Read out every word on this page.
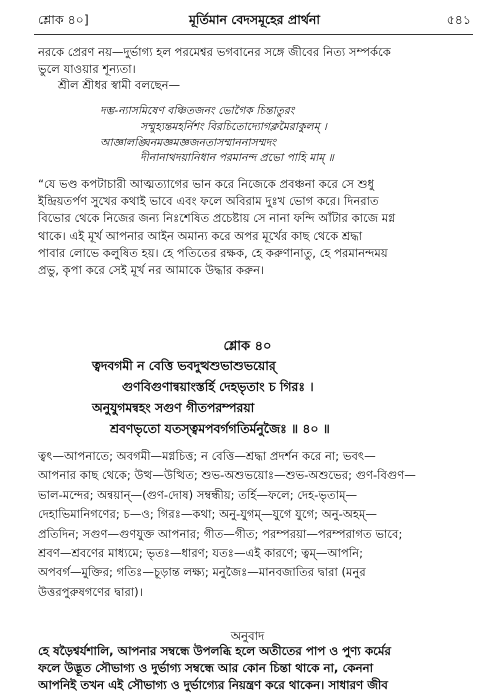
শ্লোক ৪০]	মূর্তিমান বেদসমূহের প্রার্থনা	৫৪১
নরকে প্রেরণ নয়—দুর্ভাগ্য হল পরমেশ্বর ভগবানের সঙ্গে জীবের নিত্য সম্পর্ককে
ভুলে যাওয়ার শূন্যতা।
শ্রীল শ্রীধর স্বামী বলছেন—
দম্ভ-ন্যাসমিষেণ বঞ্চিতজনং ভোগৈক চিন্তাতুরং
সম্মুহ্যন্তমহর্নিশং বিরচিতোদ্যোগক্লমৈরাকুলম্ ।
আজ্ঞালঙ্ঘিনমজ্ঞমজ্ঞজনতাসম্মাননাসম্মদং
দীনানাথদয়ানিধান পরমানন্দ প্রভো পাহি মাম্ ॥
“যে ভণ্ড কপটাচারী আত্মত্যাগের ভান করে নিজেকে প্রবঞ্চনা করে সে শুধু
ইন্দ্রিয়তর্পণ সুখের কথাই ভাবে এবং ফলে অবিরাম দুঃখ ভোগ করে। দিনরাত
বিভোর থেকে নিজের জন্য নিঃশেষিত প্রচেষ্টায় সে নানা ফন্দি আঁটার কাজে মগ্ন
থাকে। এই মূর্খ আপনার আইন অমান্য করে অপর মূর্খের কাছ থেকে শ্রদ্ধা
পাবার লোভে কলুষিত হয়। হে পতিতের রক্ষক, হে করুণানাতু, হে পরমানন্দময়
প্রভু, কৃপা করে সেই মূর্খ নর আমাকে উদ্ধার করুন।
শ্লোক ৪০
ত্বদবগমী ন বেত্তি ভবদুত্থশুভাশুভয়োর্
গুণবিগুণান্বয়াংস্তর্হি দেহভৃতাং চ গিরঃ ।
অনুযুগমন্বহং সগুণ গীতপরম্পরয়া
শ্রবণভৃতো যতস্ত্বমপবর্গগতির্মনুজৈঃ ॥ ৪০ ॥
ত্বৎ—আপনাতে; অবগমী—মগ্নচিত্ত; ন বেত্তি—শ্রদ্ধা প্রদর্শন করে না; ভবৎ—
আপনার কাছ থেকে; উত্থ—উত্থিত; শুভ-অশুভয়োঃ—শুভ-অশুভের; গুণ-বিগুণ—
ভাল-মন্দের; অন্বয়ান্—(গুণ-দোষ) সম্বন্ধীয়; তর্হি—ফলে; দেহ-ভৃতাম্—
দেহাভিমানিগণের; চ—ও; গিরঃ—কথা; অনু-যুগম্—যুগে যুগে; অনু-অহম্—
প্রতিদিন; সগুণ—গুণযুক্ত আপনার; গীত—গীত; পরম্পরয়া—পরম্পরাগত ভাবে;
শ্রবণ—শ্রবণের মাধ্যমে; ভৃতঃ—ধারণ; যতঃ—এই কারণে; ত্বম্—আপনি;
অপবর্গ—মুক্তির; গতিঃ—চূড়ান্ত লক্ষ্য; মনুজৈঃ—মানবজাতির দ্বারা (মনুর
উত্তরপুরুষগণের দ্বারা)।
অনুবাদ
হে ষড়ৈশ্বর্যশালি, আপনার সম্বন্ধে উপলব্ধি হলে অতীতের পাপ ও পুণ্য কর্মের
ফলে উদ্ভূত সৌভাগ্য ও দুর্ভাগ্য সম্বন্ধে আর কোন চিন্তা থাকে না, কেননা
আপনিই তখন এই সৌভাগ্য ও দুর্ভাগ্যের নিয়ন্ত্রণ করে থাকেন। সাধারণ জীব
